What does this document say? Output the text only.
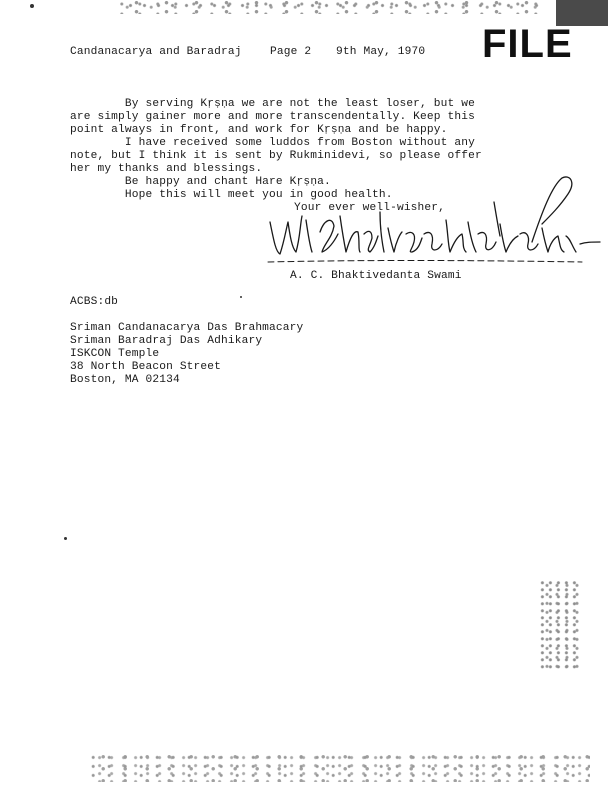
Candanacarya and Baradraj	Page 2 9th May, 1970 FILE
By serving Kṛṣṇa we are not the least loser, but we
are simply gainer more and more transcendentally. Keep this
point always in front, and work for Kṛṣṇa and be happy.
I have received some luddos from Boston without any
note, but I think it is sent by Rukminidevi, so please offer
her my thanks and blessings.
Be happy and chant Hare Kṛṣṇa.
Hope this will meet you in good health.
Your ever well-wisher,
A. C. Bhaktivedanta Swami
ACBS:db
Sriman Candanacarya Das Brahmacary
Sriman Baradraj Das Adhikary
ISKCON Temple
38 North Beacon Street
Boston, MA 02134
